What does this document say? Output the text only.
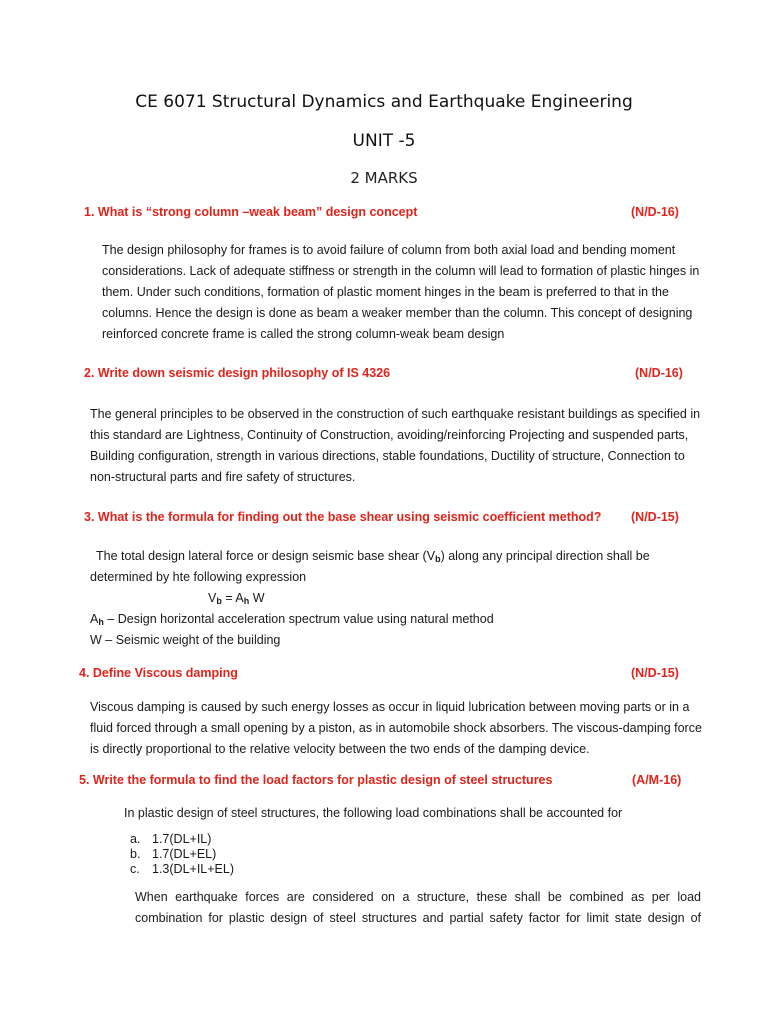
CE 6071 Structural Dynamics and Earthquake Engineering
UNIT -5
2 MARKS
1. What is “strong column –weak beam” design concept	(N/D-16)

The design philosophy for frames is to avoid failure of column from both axial load and bending moment

considerations. Lack of adequate stiffness or strength in the column will lead to formation of plastic hinges in

them. Under such conditions, formation of plastic moment hinges in the beam is preferred to that in the

columns. Hence the design is done as beam a weaker member than the column. This concept of designing

reinforced concrete frame is called the strong column-weak beam design

2. Write down seismic design philosophy of IS 4326	(N/D-16)

The general principles to be observed in the construction of such earthquake resistant buildings as specified in

this standard are Lightness, Continuity of Construction, avoiding/reinforcing Projecting and suspended parts,

Building configuration, strength in various directions, stable foundations, Ductility of structure, Connection to

non-structural parts and fire safety of structures.

3. What is the formula for finding out the base shear using seismic coefficient method? (N/D-15)
The total design lateral force or design seismic base shear $(V_b)$ along any principal direction shall be
determined by hte following expression
$V_b = A_h$ W
$A_h$ – Design horizontal acceleration spectrum value using natural method
W – Seismic weight of the building
4. Define Viscous damping	(N/D-15)

Viscous damping is caused by such energy losses as occur in liquid lubrication between moving parts or in a

fluid forced through a small opening by a piston, as in automobile shock absorbers. The viscous-damping force

is directly proportional to the relative velocity between the two ends of the damping device.

5. Write the formula to find the load factors for plastic design of steel structures	(A/M-16)
In plastic design of steel structures, the following load combinations shall be accounted for
a. 1.7(DL+IL)
b. 1.7(DL+EL)
c. 1.3(DL+IL+EL)

When earthquake forces are considered on a structure, these shall be combined as per load

combination for plastic design of steel structures and partial safety factor for limit state design of
